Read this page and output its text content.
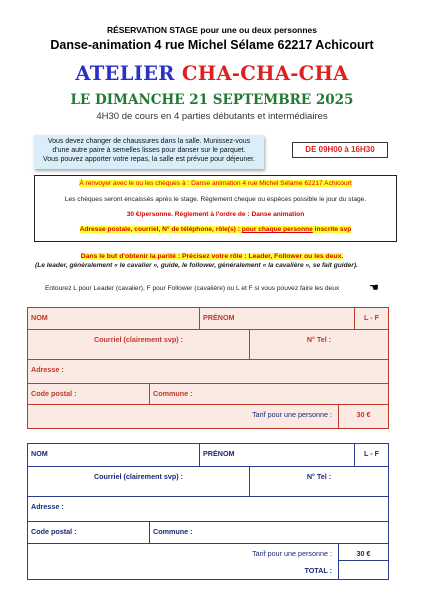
RÉSERVATION STAGE pour une ou deux personnes
Danse-animation 4 rue Michel Sélame 62217 Achicourt
ATELIER CHA-CHA-CHA
LE DIMANCHE 21 SEPTEMBRE 2025
4H30 de cours en 4 parties débutants et intermédiaires
Vous devez changer de chaussures dans la salle. Munissez-vous
d'une autre paire à semelles lisses pour danser sur le parquet.
Vous pouvez apporter votre repas, la salle est prévue pour déjeuner.
DE 09H00 à 16H30
À renvoyer avec le ou les chèques à : Danse animation 4 rue Michel Sélame 62217 Achicourt
Les chèques seront encaissés après le stage. Règlement cheque ou espèces possible le jour du stage.
30 €/personne. Règlement à l'ordre de : Danse animation
Adresse postale, courriel, N° de téléphone, rôle(s) : pour chaque personne inscrite svp
Dans le but d'obtenir la parité : Précisez votre rôle : Leader, Follower ou les deux.
(Le leader, généralement « le cavalier », guide, le follower, généralement « la cavalière », se fait guider).
Entourez L pour Leader (cavalier), F pour Follower (cavalière) ou L et F si vous pouvez faire les deux	☚
NOM	PRÉNOM	L - F
Courriel (clairement svp) :	N° Tel :
Adresse :
Code postal :	Commune :
Tarif pour une personne :	30 €
NOM	PRÉNOM	L - F
Courriel (clairement svp) :	N° Tel :
Adresse :
Code postal :	Commune :
Tarif pour une personne :	30 €
TOTAL :
